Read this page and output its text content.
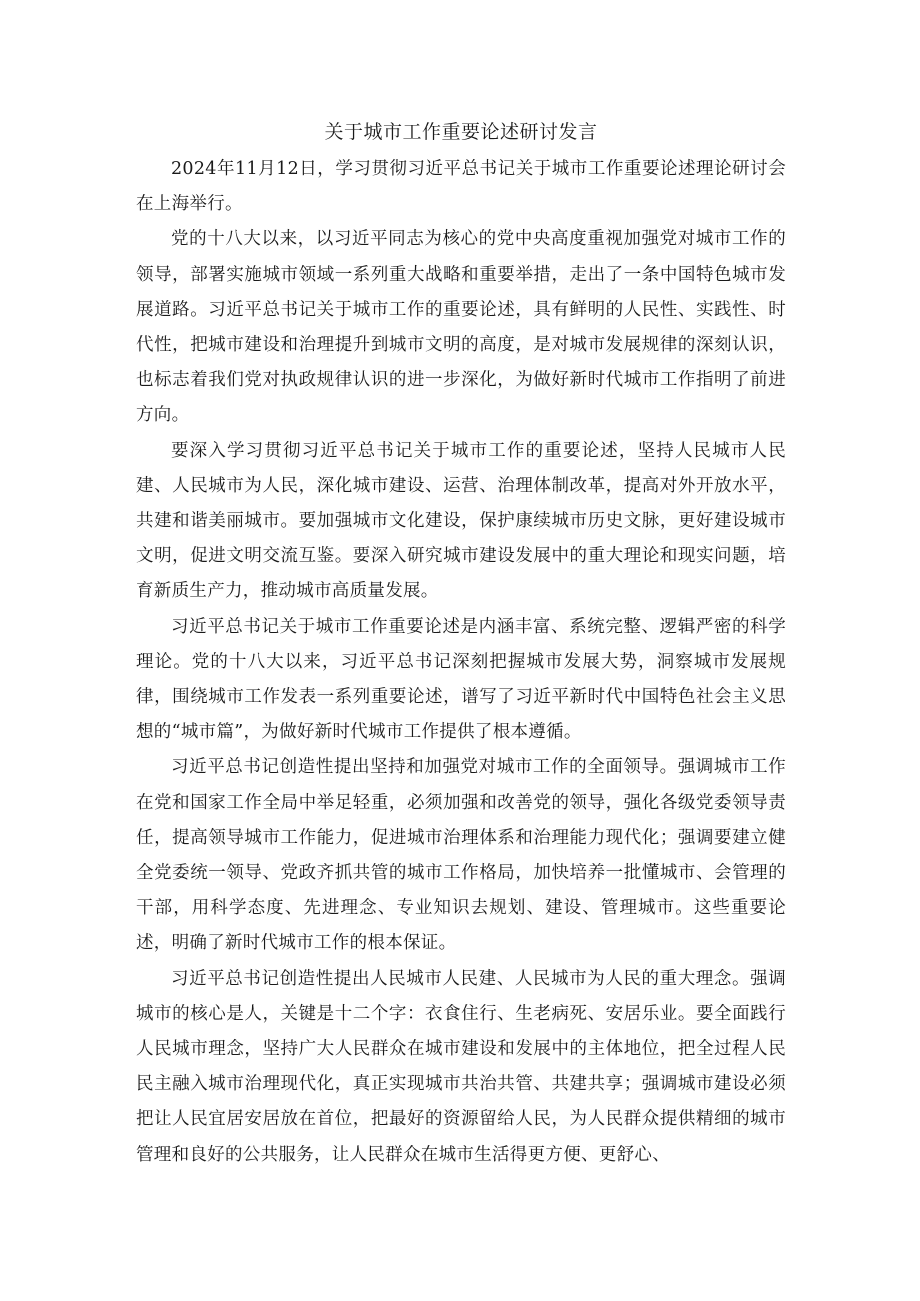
关于城市工作重要论述研讨发言

2024年11月12日，学习贯彻习近平总书记关于城市工作重要论述理论研讨会在上海举行。

党的十八大以来，以习近平同志为核心的党中央高度重视加强党对城市工作的领导，部署实施城市领域一系列重大战略和重要举措，走出了一条中国特色城市发展道路。习近平总书记关于城市工作的重要论述，具有鲜明的人民性、实践性、时代性，把城市建设和治理提升到城市文明的高度，是对城市发展规律的深刻认识，也标志着我们党对执政规律认识的进一步深化，为做好新时代城市工作指明了前进方向。

要深入学习贯彻习近平总书记关于城市工作的重要论述，坚持人民城市人民建、人民城市为人民，深化城市建设、运营、治理体制改革，提高对外开放水平，共建和谐美丽城市。要加强城市文化建设，保护康续城市历史文脉，更好建设城市文明，促进文明交流互鉴。要深入研究城市建设发展中的重大理论和现实问题，培育新质生产力，推动城市高质量发展。

习近平总书记关于城市工作重要论述是内涵丰富、系统完整、逻辑严密的科学理论。党的十八大以来，习近平总书记深刻把握城市发展大势，洞察城市发展规律，围绕城市工作发表一系列重要论述，谱写了习近平新时代中国特色社会主义思想的“城市篇”，为做好新时代城市工作提供了根本遵循。

习近平总书记创造性提出坚持和加强党对城市工作的全面领导。强调城市工作在党和国家工作全局中举足轻重，必须加强和改善党的领导，强化各级党委领导责任，提高领导城市工作能力，促进城市治理体系和治理能力现代化；强调要建立健全党委统一领导、党政齐抓共管的城市工作格局，加快培养一批懂城市、会管理的干部，用科学态度、先进理念、专业知识去规划、建设、管理城市。这些重要论述，明确了新时代城市工作的根本保证。

习近平总书记创造性提出人民城市人民建、人民城市为人民的重大理念。强调城市的核心是人，关键是十二个字：衣食住行、生老病死、安居乐业。要全面践行人民城市理念，坚持广大人民群众在城市建设和发展中的主体地位，把全过程人民民主融入城市治理现代化，真正实现城市共治共管、共建共享；强调城市建设必须把让人民宜居安居放在首位，把最好的资源留给人民，为人民群众提供精细的城市管理和良好的公共服务，让人民群众在城市生活得更方便、更舒心、
